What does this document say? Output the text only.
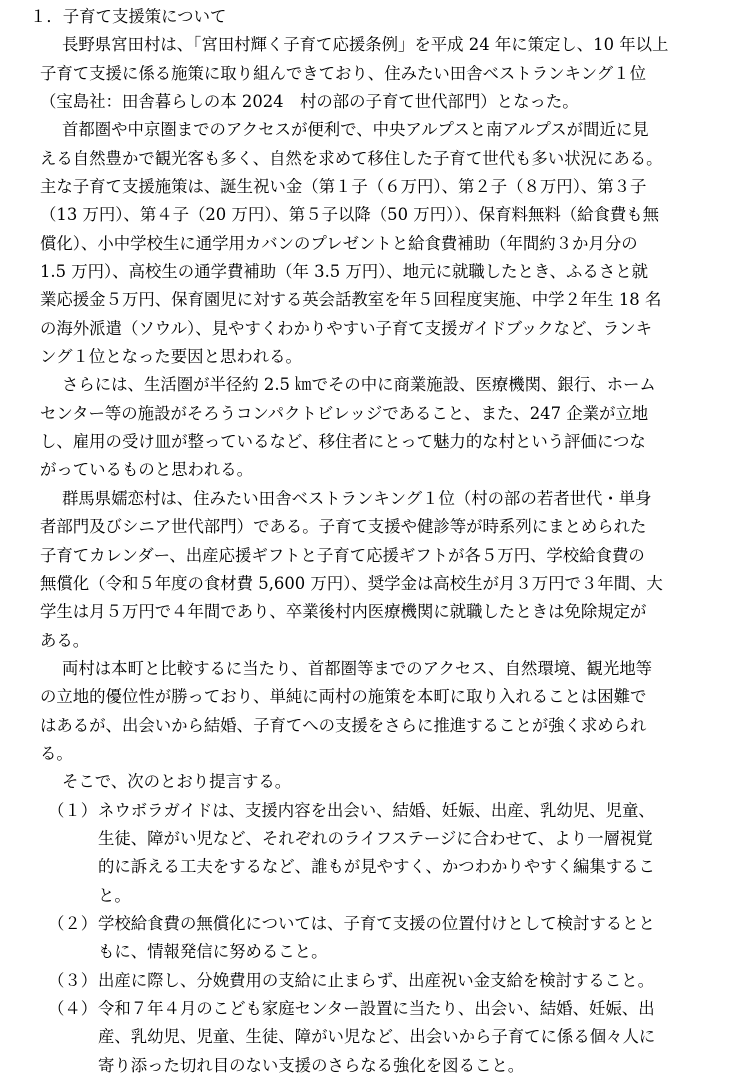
１．子育て支援策について
長野県宮田村は、「宮田村輝く子育て応援条例」を平成 24 年に策定し、10 年以上
子育て支援に係る施策に取り組んできており、住みたい田舎ベストランキング１位
（宝島社：田舎暮らしの本 2024　村の部の子育て世代部門）となった。
首都圏や中京圏までのアクセスが便利で、中央アルプスと南アルプスが間近に見
える自然豊かで観光客も多く、自然を求めて移住した子育て世代も多い状況にある。
主な子育て支援施策は、誕生祝い金（第１子（６万円）、第２子（８万円）、第３子
（13 万円）、第４子（20 万円）、第５子以降（50 万円））、保育料無料（給食費も無
償化）、小中学校生に通学用カバンのプレゼントと給食費補助（年間約３か月分の
1.5 万円）、高校生の通学費補助（年 3.5 万円）、地元に就職したとき、ふるさと就
業応援金５万円、保育園児に対する英会話教室を年５回程度実施、中学２年生 18 名
の海外派遣（ソウル）、見やすくわかりやすい子育て支援ガイドブックなど、ランキ
ング１位となった要因と思われる。
さらには、生活圏が半径約 2.5 ㎞でその中に商業施設、医療機関、銀行、ホーム
センター等の施設がそろうコンパクトビレッジであること、また、247 企業が立地
し、雇用の受け皿が整っているなど、移住者にとって魅力的な村という評価につな
がっているものと思われる。
群馬県嬬恋村は、住みたい田舎ベストランキング１位（村の部の若者世代・単身
者部門及びシニア世代部門）である。子育て支援や健診等が時系列にまとめられた
子育てカレンダー、出産応援ギフトと子育て応援ギフトが各５万円、学校給食費の
無償化（令和５年度の食材費 5,600 万円）、奨学金は高校生が月３万円で３年間、大
学生は月５万円で４年間であり、卒業後村内医療機関に就職したときは免除規定が
ある。
両村は本町と比較するに当たり、首都圏等までのアクセス、自然環境、観光地等
の立地的優位性が勝っており、単純に両村の施策を本町に取り入れることは困難で
はあるが、出会いから結婚、子育てへの支援をさらに推進することが強く求められ
る。
そこで、次のとおり提言する。
（１） ネウボラガイドは、支援内容を出会い、結婚、妊娠、出産、乳幼児、児童、
生徒、障がい児など、それぞれのライフステージに合わせて、より一層視覚
的に訴える工夫をするなど、誰もが見やすく、かつわかりやすく編集するこ
と。
（２） 学校給食費の無償化については、子育て支援の位置付けとして検討するとと
もに、情報発信に努めること。
出産に際し、分娩費用の支給に止まらず、出産祝い金支給を検討すること。
（３）
令和７年４月のこども家庭センター設置に当たり、出会い、結婚、妊娠、出
（４）
産、乳幼児、児童、生徒、障がい児など、出会いから子育てに係る個々人に
寄り添った切れ目のない支援のさらなる強化を図ること。
